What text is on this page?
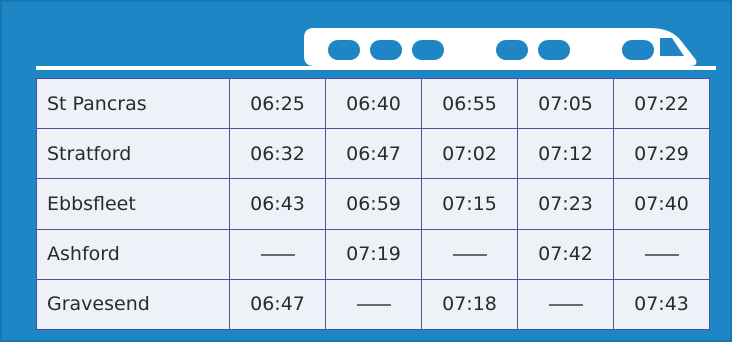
St Pancras	06:25	06:40	06:55	07:05	07:22
Stratford	06:32	06:47	07:02	07:12	07:29
Ebbsfleet	06:43	06:59	07:15	07:23	07:40
Ashford		07:19		07:42	
Gravesend	06:47		07:18		07:43
